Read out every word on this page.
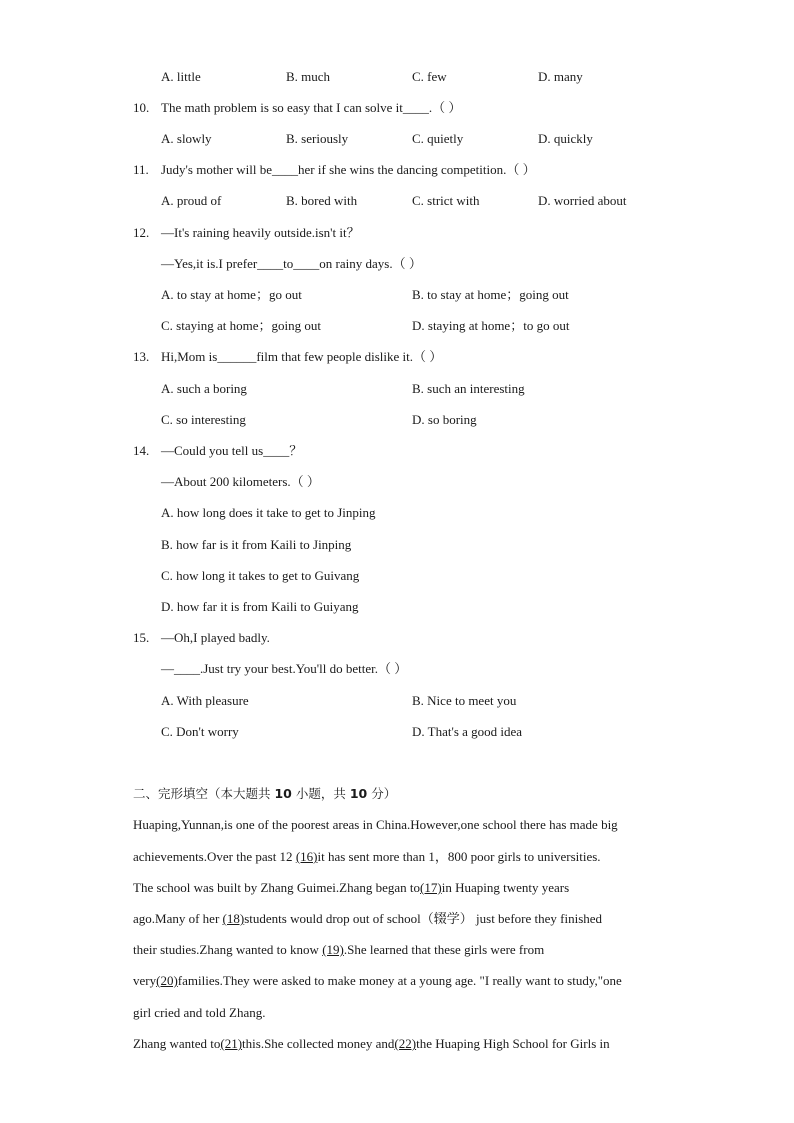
A. little	B. much	C. few	D. many
10. The math problem is so easy that I can solve it____.（ ）
A. slowly	B. seriously	C. quietly	D. quickly
11. Judy's mother will be____her if she wins the dancing competition.（ ）
A. proud of	B. bored with	C. strict with	D. worried about
12. —It's raining heavily outside.isn't it？
—Yes,it is.I prefer____to____on rainy days.（ ）
A. to stay at home；go out	B. to stay at home；going out
C. staying at home；going out	D. staying at home；to go out
13. Hi,Mom is______film that few people dislike it.（ ）
A. such a boring	B. such an interesting
C. so interesting	D. so boring
14. —Could you tell us____？
—About 200 kilometers.（ ）
A. how long does it take to get to Jinping
B. how far is it from Kaili to Jinping
C. how long it takes to get to Guivang
D. how far it is from Kaili to Guiyang
15. —Oh,I played badly.
—____.Just try your best.You'll do better.（ ）
A. With pleasure	B. Nice to meet you
C. Don't worry	D. That's a good idea
二、完形填空（本大题共 10 小题，共 10 分）
Huaping,Yunnan,is one of the poorest areas in China.However,one school there has made big
achievements.Over the past 12 (16)it has sent more than 1，800 poor girls to universities.
The school was built by Zhang Guimei.Zhang began to(17)in Huaping twenty years
ago.Many of her (18)students would drop out of school（辍学） just before they finished
their studies.Zhang wanted to know (19).She learned that these girls were from
very(20)families.They were asked to make money at a young age. "I really want to study,"one
girl cried and told Zhang.
Zhang wanted to(21)this.She collected money and(22)the Huaping High School for Girls in
